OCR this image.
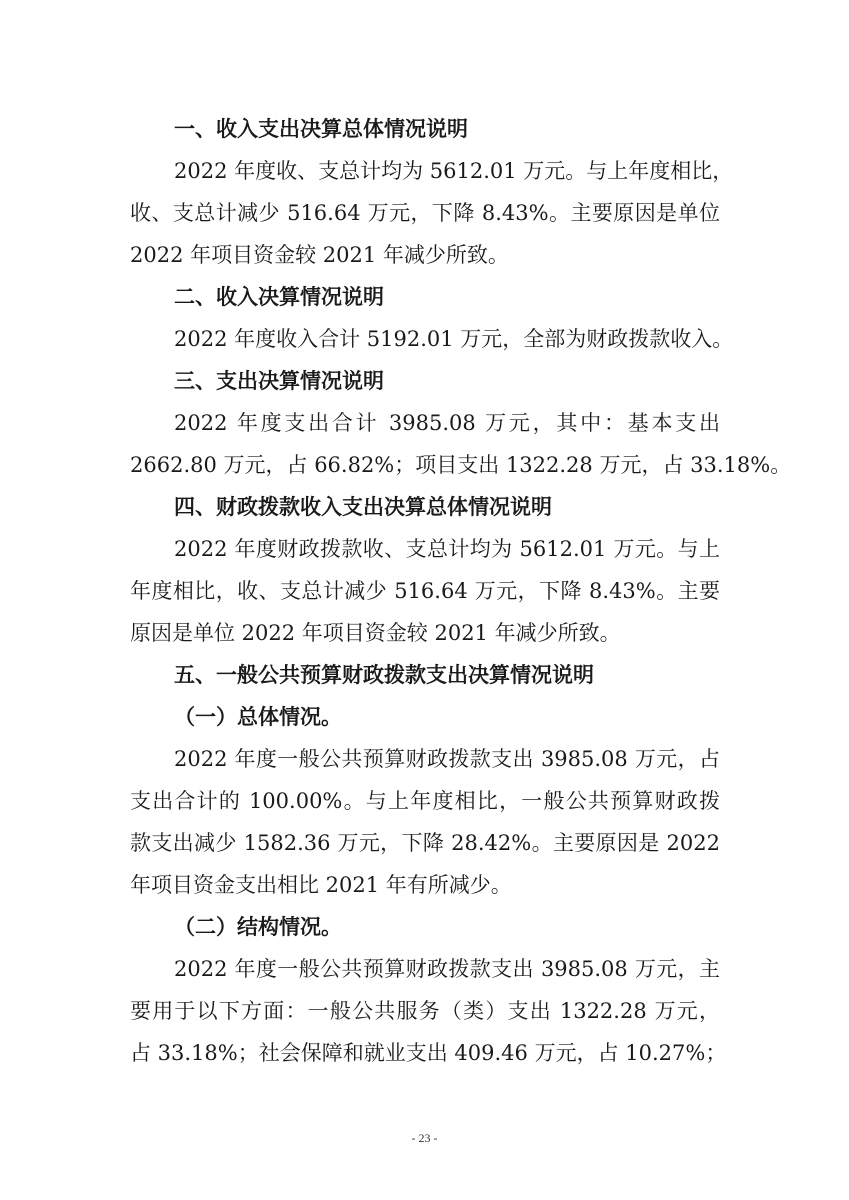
一、收入支出决算总体情况说明
2022 年度收、支总计均为 5612.01 万元。与上年度相比，
收、支总计减少 516.64 万元，下降 8.43%。主要原因是单位
2022 年项目资金较 2021 年减少所致。
二、收入决算情况说明
2022 年度收入合计 5192.01 万元，全部为财政拨款收入。
三、支出决算情况说明
2022 年度支出合计 3985.08 万元，其中：基本支出
2662.80 万元，占 66.82%；项目支出 1322.28 万元，占 33.18%。
四、财政拨款收入支出决算总体情况说明
2022 年度财政拨款收、支总计均为 5612.01 万元。与上
年度相比，收、支总计减少 516.64 万元，下降 8.43%。主要
原因是单位 2022 年项目资金较 2021 年减少所致。
五、一般公共预算财政拨款支出决算情况说明
（一）总体情况。
2022 年度一般公共预算财政拨款支出 3985.08 万元，占
支出合计的 100.00%。与上年度相比，一般公共预算财政拨
款支出减少 1582.36 万元，下降 28.42%。主要原因是 2022
年项目资金支出相比 2021 年有所减少。
（二）结构情况。
2022 年度一般公共预算财政拨款支出 3985.08 万元，主
要用于以下方面：一般公共服务（类）支出 1322.28 万元，
占 33.18%；社会保障和就业支出 409.46 万元，占 10.27%；
- 23 -
